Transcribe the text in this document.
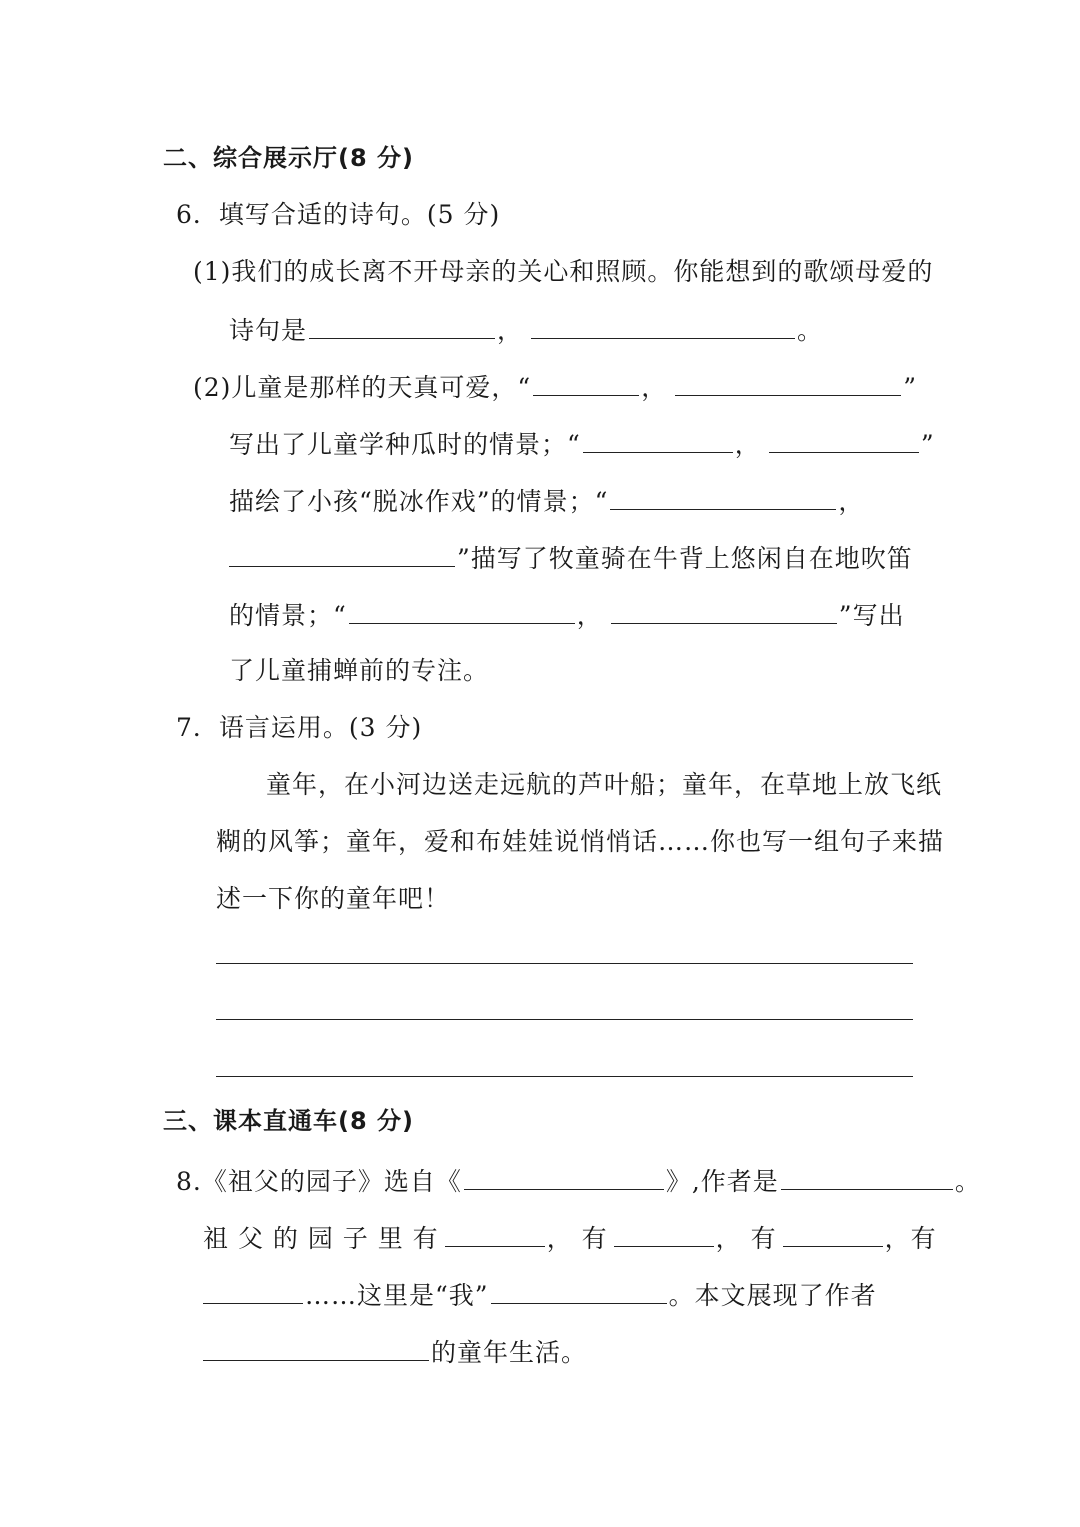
二、综合展示厅(8 分)
6．填写合适的诗句。(5 分)
(1)我们的成长离不开母亲的关心和照顾。你能想到的歌颂母爱的
诗句是	，	。
(2)儿童是那样的天真可爱，“	，	”
写出了儿童学种瓜时的情景；“	，	”
描绘了小孩“脱冰作戏”的情景；“	，
”描写了牧童骑在牛背上悠闲自在地吹笛
的情景；“	，	”写出
了儿童捕蝉前的专注。
7．语言运用。(3 分)
童年，在小河边送走远航的芦叶船；童年，在草地上放飞纸
糊的风筝；童年，爱和布娃娃说悄悄话……你也写一组句子来描
述一下你的童年吧！
三、课本直通车(8 分)
8.《祖父的园子》选自《	》,作者是	。
祖 父 的 园 子 里 有	， 有	， 有	，有
……这里是“我”	。本文展现了作者
的童年生活。
